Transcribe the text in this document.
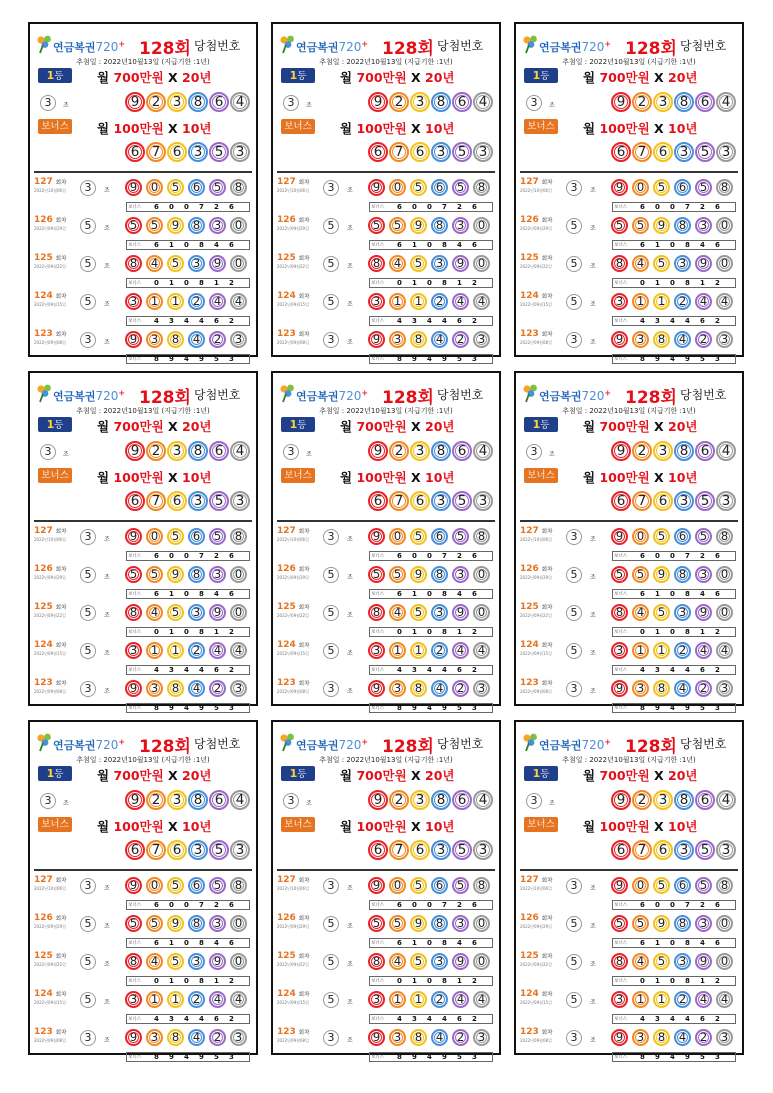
연금복권720+ 128회 당첨번호
추첨일 : 2022년10월13일 (지급기한 :1년)
1등	월 700만원 X 20년
3	조	9 2 3 8 6 4
보너스 월 100만원 X 10년
6 7 6 3 5 3
127 회차
2022년10월06일	3	조	9	0	5	6	5	8
보너스 6 0 0 7 2 6
126 회차
2022년09월29일	5	조	5	5	9	8	3	0
보너스 6 1 0 8 4 6
125 회차
2022년09월22일	5	조	8	4	5	3	9	0
보너스 0 1 0 8 1 2
124 회차
2022년09월15일	5	조	3	1	1	2	4	4
보너스 4 3 4 4 6 2
123 회차
2022년09월08일	3	조	9	3	8	4	2	3
보너스 8 9 4 9 5 3
연금복권720+ 128회 당첨번호
추첨일 : 2022년10월13일 (지급기한 :1년)
1등	월 700만원 X 20년
3	조	9 2 3 8 6 4
보너스 월 100만원 X 10년
6 7 6 3 5 3
127 회차
2022년10월06일	3	조	9	0	5	6	5	8
보너스 6 0 0 7 2 6
126 회차
2022년09월29일	5	조	5	5	9	8	3	0
보너스 6 1 0 8 4 6
125 회차
2022년09월22일	5	조	8	4	5	3	9	0
보너스 0 1 0 8 1 2
124 회차
2022년09월15일	5	조	3	1	1	2	4	4
보너스 4 3 4 4 6 2
123 회차
2022년09월08일	3	조	9	3	8	4	2	3
보너스 8 9 4 9 5 3
연금복권720+ 128회 당첨번호
추첨일 : 2022년10월13일 (지급기한 :1년)
1등	월 700만원 X 20년
3	조	9 2 3 8 6 4
보너스 월 100만원 X 10년
6 7 6 3 5 3
127 회차
2022년10월06일	3	조	9	0	5	6	5	8
보너스 6 0 0 7 2 6
126 회차
2022년09월29일	5	조	5	5	9	8	3	0
보너스 6 1 0 8 4 6
125 회차
2022년09월22일	5	조	8	4	5	3	9	0
보너스 0 1 0 8 1 2
124 회차
2022년09월15일	5	조	3	1	1	2	4	4
보너스 4 3 4 4 6 2
123 회차
2022년09월08일	3	조	9	3	8	4	2	3
보너스 8 9 4 9 5 3
연금복권720+ 128회 당첨번호
추첨일 : 2022년10월13일 (지급기한 :1년)
1등	월 700만원 X 20년
3	조	9 2 3 8 6 4
보너스 월 100만원 X 10년
6 7 6 3 5 3
127 회차
2022년10월06일	3	조	9	0	5	6	5	8
보너스 6 0 0 7 2 6
126 회차
2022년09월29일	5	조	5	5	9	8	3	0
보너스 6 1 0 8 4 6
125 회차
2022년09월22일	5	조	8	4	5	3	9	0
보너스 0 1 0 8 1 2
124 회차
2022년09월15일	5	조	3	1	1	2	4	4
보너스 4 3 4 4 6 2
123 회차
2022년09월08일	3	조	9	3	8	4	2	3
보너스 8 9 4 9 5 3
연금복권720+ 128회 당첨번호
추첨일 : 2022년10월13일 (지급기한 :1년)
1등	월 700만원 X 20년
3	조	9 2 3 8 6 4
보너스 월 100만원 X 10년
6 7 6 3 5 3
127 회차
2022년10월06일	3	조	9	0	5	6	5	8
보너스 6 0 0 7 2 6
126 회차
2022년09월29일	5	조	5	5	9	8	3	0
보너스 6 1 0 8 4 6
125 회차
2022년09월22일	5	조	8	4	5	3	9	0
보너스 0 1 0 8 1 2
124 회차
2022년09월15일	5	조	3	1	1	2	4	4
보너스 4 3 4 4 6 2
123 회차
2022년09월08일	3	조	9	3	8	4	2	3
보너스 8 9 4 9 5 3
연금복권720+ 128회 당첨번호
추첨일 : 2022년10월13일 (지급기한 :1년)
1등	월 700만원 X 20년
3	조	9 2 3 8 6 4
보너스 월 100만원 X 10년
6 7 6 3 5 3
127 회차
2022년10월06일	3	조	9	0	5	6	5	8
보너스 6 0 0 7 2 6
126 회차
2022년09월29일	5	조	5	5	9	8	3	0
보너스 6 1 0 8 4 6
125 회차
2022년09월22일	5	조	8	4	5	3	9	0
보너스 0 1 0 8 1 2
124 회차
2022년09월15일	5	조	3	1	1	2	4	4
보너스 4 3 4 4 6 2
123 회차
2022년09월08일	3	조	9	3	8	4	2	3
보너스 8 9 4 9 5 3
연금복권720+ 128회 당첨번호
추첨일 : 2022년10월13일 (지급기한 :1년)
1등	월 700만원 X 20년
3	조	9 2 3 8 6 4
보너스 월 100만원 X 10년
6 7 6 3 5 3
127 회차
2022년10월06일	3	조	9	0	5	6	5	8
보너스 6 0 0 7 2 6
126 회차
2022년09월29일	5	조	5	5	9	8	3	0
보너스 6 1 0 8 4 6
125 회차
2022년09월22일	5	조	8	4	5	3	9	0
보너스 0 1 0 8 1 2
124 회차
2022년09월15일	5	조	3	1	1	2	4	4
보너스 4 3 4 4 6 2
123 회차
2022년09월08일	3	조	9	3	8	4	2	3
보너스 8 9 4 9 5 3
연금복권720+ 128회 당첨번호
추첨일 : 2022년10월13일 (지급기한 :1년)
1등	월 700만원 X 20년
3	조	9 2 3 8 6 4
보너스 월 100만원 X 10년
6 7 6 3 5 3
127 회차
2022년10월06일	3	조	9	0	5	6	5	8
보너스 6 0 0 7 2 6
126 회차
2022년09월29일	5	조	5	5	9	8	3	0
보너스 6 1 0 8 4 6
125 회차
2022년09월22일	5	조	8	4	5	3	9	0
보너스 0 1 0 8 1 2
124 회차
2022년09월15일	5	조	3	1	1	2	4	4
보너스 4 3 4 4 6 2
123 회차
2022년09월08일	3	조	9	3	8	4	2	3
보너스 8 9 4 9 5 3
연금복권720+ 128회 당첨번호
추첨일 : 2022년10월13일 (지급기한 :1년)
1등	월 700만원 X 20년
3	조	9 2 3 8 6 4
보너스 월 100만원 X 10년
6 7 6 3 5 3
127 회차
2022년10월06일	3	조	9	0	5	6	5	8
보너스 6 0 0 7 2 6
126 회차
2022년09월29일	5	조	5	5	9	8	3	0
보너스 6 1 0 8 4 6
125 회차
2022년09월22일	5	조	8	4	5	3	9	0
보너스 0 1 0 8 1 2
124 회차
2022년09월15일	5	조	3	1	1	2	4	4
보너스 4 3 4 4 6 2
123 회차
2022년09월08일	3	조	9	3	8	4	2	3
보너스 8 9 4 9 5 3
